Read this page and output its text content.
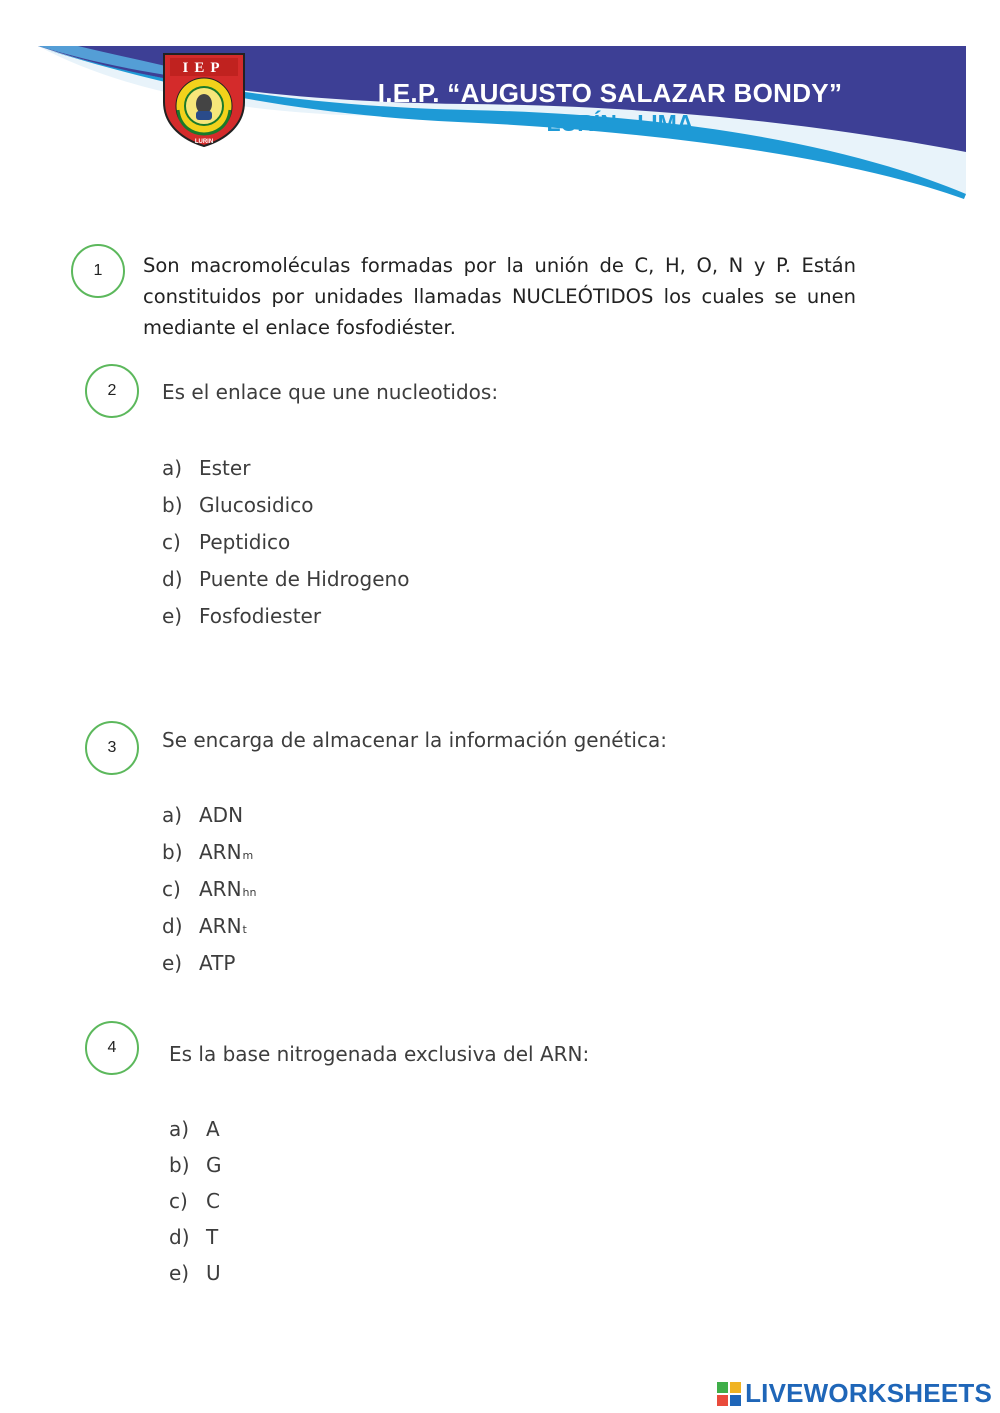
IEP
LURIN
I.E.P. “AUGUSTO SALAZAR BONDY”
LURÍN - LIMA
1	Son macromoléculas formadas por la unión de C, H, O, N y P. Están constituidos por unidades llamadas NUCLEÓTIDOS los cuales se unen mediante el enlace fosfodiéster.
2	Es el enlace que une nucleotidos:
a) Ester
b) Glucosidico
c) Peptidico
d) Puente de Hidrogeno
e) Fosfodiester
3	Se encarga de almacenar la información genética:
a) ADN
b) ARN m
c) ARN hn
d) ARN t
e) ATP
4	Es la base nitrogenada exclusiva del ARN:
a) A
b) G
c) C
d) T
e) U
LIVEWORKSHEETS
